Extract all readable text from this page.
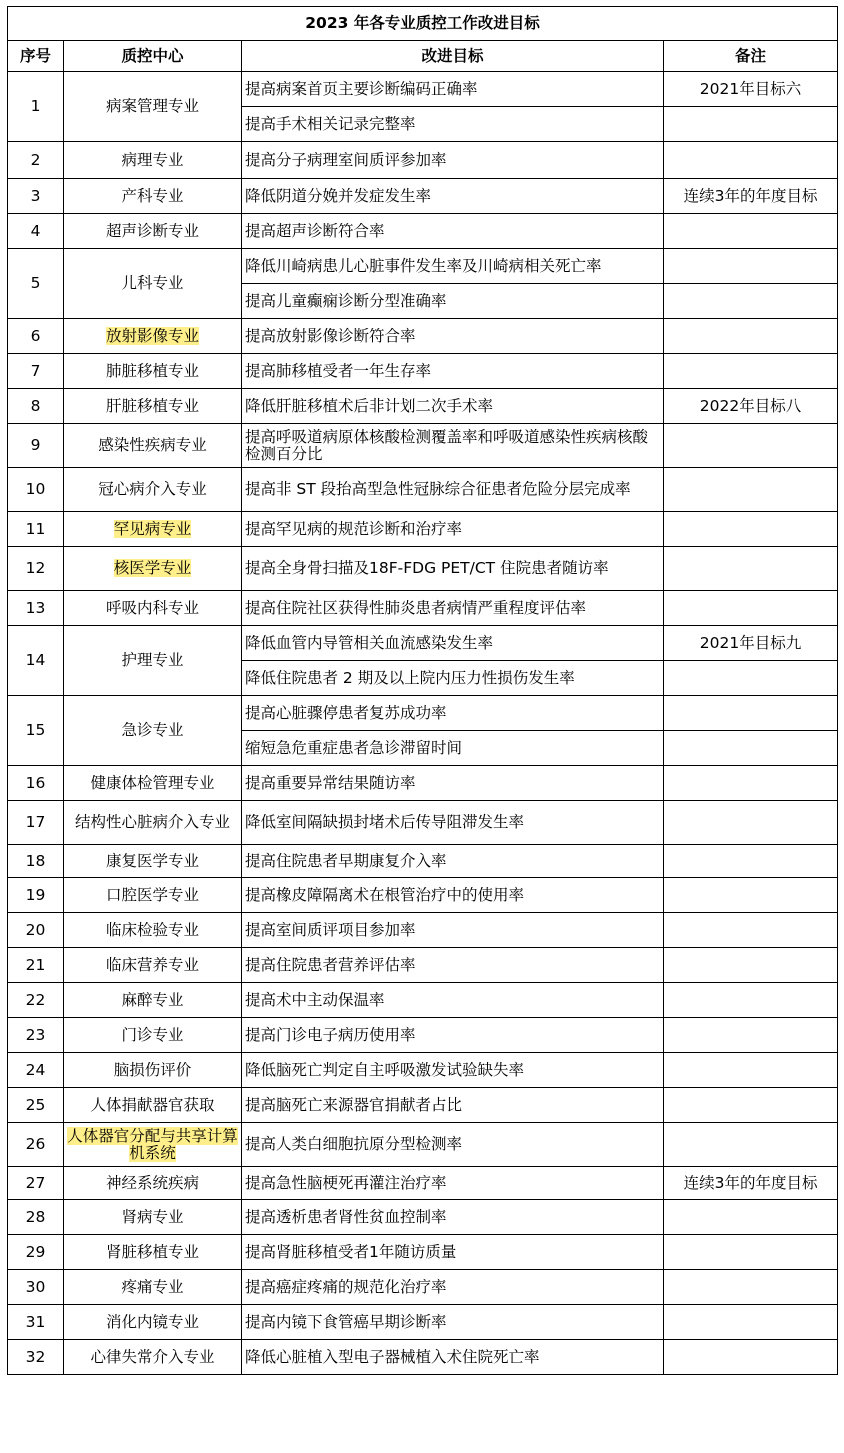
2023 年各专业质控工作改进目标			
序号	质控中心	改进目标	备注
1	病案管理专业	提高病案首页主要诊断编码正确率	2021年目标六
		提高手术相关记录完整率	
2	病理专业	提高分子病理室间质评参加率	
3	产科专业	降低阴道分娩并发症发生率	连续3年的年度目标
4	超声诊断专业	提高超声诊断符合率	
5	儿科专业	降低川崎病患儿心脏事件发生率及川崎病相关死亡率	
		提高儿童癫痫诊断分型准确率	
6	放射影像专业	提高放射影像诊断符合率	
7	肺脏移植专业	提高肺移植受者一年生存率	
8	肝脏移植专业	降低肝脏移植术后非计划二次手术率	2022年目标八
9	感染性疾病专业	提高呼吸道病原体核酸检测覆盖率和呼吸道感染性疾病核酸检测百分比	
10	冠心病介入专业	提高非 ST 段抬高型急性冠脉综合征患者危险分层完成率	
11	罕见病专业	提高罕见病的规范诊断和治疗率	
12	核医学专业	提高全身骨扫描及18F-FDG PET/CT 住院患者随访率	
13	呼吸内科专业	提高住院社区获得性肺炎患者病情严重程度评估率	
14	护理专业	降低血管内导管相关血流感染发生率	2021年目标九
		降低住院患者 2 期及以上院内压力性损伤发生率	
15	急诊专业	提高心脏骤停患者复苏成功率	
		缩短急危重症患者急诊滞留时间	
16	健康体检管理专业	提高重要异常结果随访率	
17	结构性心脏病介入专业	降低室间隔缺损封堵术后传导阻滞发生率	
18	康复医学专业	提高住院患者早期康复介入率	
19	口腔医学专业	提高橡皮障隔离术在根管治疗中的使用率	
20	临床检验专业	提高室间质评项目参加率	
21	临床营养专业	提高住院患者营养评估率	
22	麻醉专业	提高术中主动保温率	
23	门诊专业	提高门诊电子病历使用率	
24	脑损伤评价	降低脑死亡判定自主呼吸激发试验缺失率	
25	人体捐献器官获取	提高脑死亡来源器官捐献者占比	
26	人体器官分配与共享计算机系统	提高人类白细胞抗原分型检测率	
27	神经系统疾病	提高急性脑梗死再灌注治疗率	连续3年的年度目标
28	肾病专业	提高透析患者肾性贫血控制率	
29	肾脏移植专业	提高肾脏移植受者1年随访质量	
30	疼痛专业	提高癌症疼痛的规范化治疗率	
31	消化内镜专业	提高内镜下食管癌早期诊断率	
32	心律失常介入专业	降低心脏植入型电子器械植入术住院死亡率	
